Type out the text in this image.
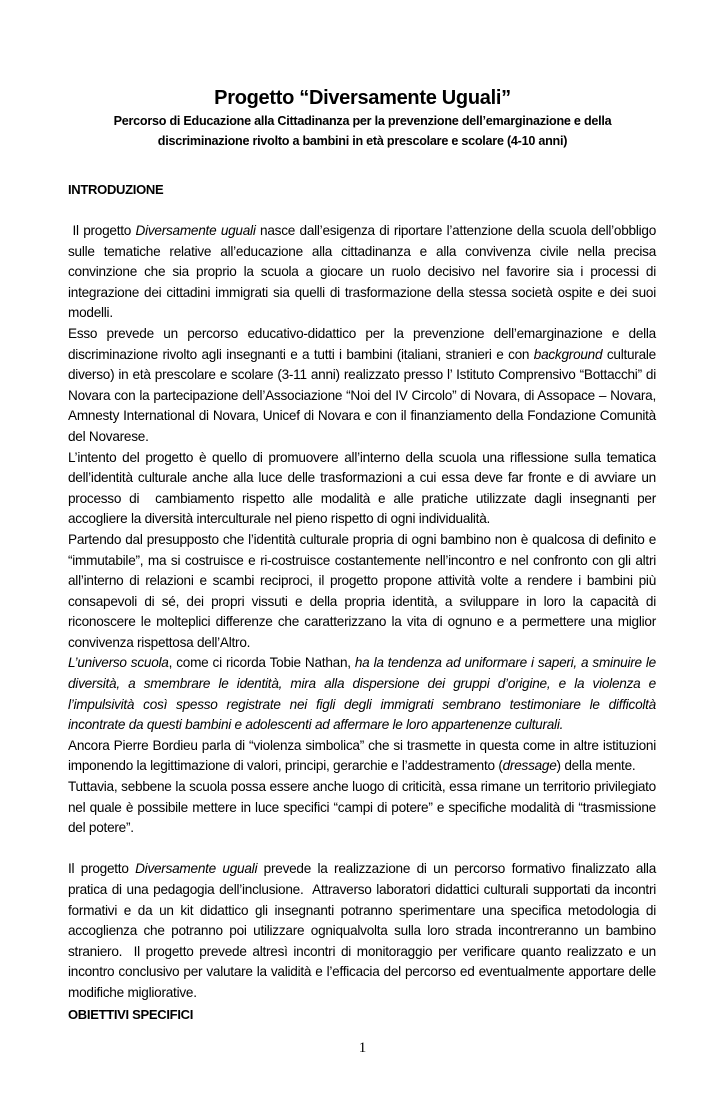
Progetto “Diversamente Uguali”
Percorso di Educazione alla Cittadinanza per la prevenzione dell’emarginazione e della discriminazione rivolto a bambini in età prescolare e scolare (4-10 anni)
INTRODUZIONE

Il progetto Diversamente uguali nasce dall’esigenza di riportare l’attenzione della scuola dell’obbligo sulle tematiche relative all’educazione alla cittadinanza e alla convivenza civile nella precisa convinzione che sia proprio la scuola a giocare un ruolo decisivo nel favorire sia i processi di integrazione dei cittadini immigrati sia quelli di trasformazione della stessa società ospite e dei suoi modelli.

Esso prevede un percorso educativo-didattico per la prevenzione dell’emarginazione e della discriminazione rivolto agli insegnanti e a tutti i bambini (italiani, stranieri e con background culturale diverso) in età prescolare e scolare (3-11 anni) realizzato presso l’ Istituto Comprensivo “Bottacchi” di Novara con la partecipazione dell’Associazione “Noi del IV Circolo” di Novara, di Assopace – Novara, Amnesty International di Novara, Unicef di Novara e con il finanziamento della Fondazione Comunità del Novarese.

L’intento del progetto è quello di promuovere all’interno della scuola una riflessione sulla tematica dell’identità culturale anche alla luce delle trasformazioni a cui essa deve far fronte e di avviare un processo di  cambiamento rispetto alle modalità e alle pratiche utilizzate dagli insegnanti per accogliere la diversità interculturale nel pieno rispetto di ogni individualità.

Partendo dal presupposto che l’identità culturale propria di ogni bambino non è qualcosa di definito e “immutabile”, ma si costruisce e ri-costruisce costantemente nell’incontro e nel confronto con gli altri all’interno di relazioni e scambi reciproci, il progetto propone attività volte a rendere i bambini più consapevoli di sé, dei propri vissuti e della propria identità, a sviluppare in loro la capacità di riconoscere le molteplici differenze che caratterizzano la vita di ognuno e a permettere una miglior convivenza rispettosa dell’Altro.

L’universo scuola, come ci ricorda Tobie Nathan, ha la tendenza ad uniformare i saperi, a sminuire le diversità, a smembrare le identità, mira alla dispersione dei gruppi d’origine, e la violenza e l’impulsività così spesso registrate nei figli degli immigrati sembrano testimoniare le difficoltà incontrate da questi bambini e adolescenti ad affermare le loro appartenenze culturali.

Ancora Pierre Bordieu parla di “violenza simbolica” che si trasmette in questa come in altre istituzioni imponendo la legittimazione di valori, principi, gerarchie e l’addestramento (dressage) della mente.

Tuttavia, sebbene la scuola possa essere anche luogo di criticità, essa rimane un territorio privilegiato nel quale è possibile mettere in luce specifici “campi di potere” e specifiche modalità di “trasmissione del potere”.

Il progetto Diversamente uguali prevede la realizzazione di un percorso formativo finalizzato alla pratica di una pedagogia dell’inclusione.  Attraverso laboratori didattici culturali supportati da incontri formativi e da un kit didattico gli insegnanti potranno sperimentare una specifica metodologia di accoglienza che potranno poi utilizzare ogniqualvolta sulla loro strada incontreranno un bambino straniero.  Il progetto prevede altresì incontri di monitoraggio per verificare quanto realizzato e un incontro conclusivo per valutare la validità e l’efficacia del percorso ed eventualmente apportare delle modifiche migliorative.

OBIETTIVI SPECIFICI
1
